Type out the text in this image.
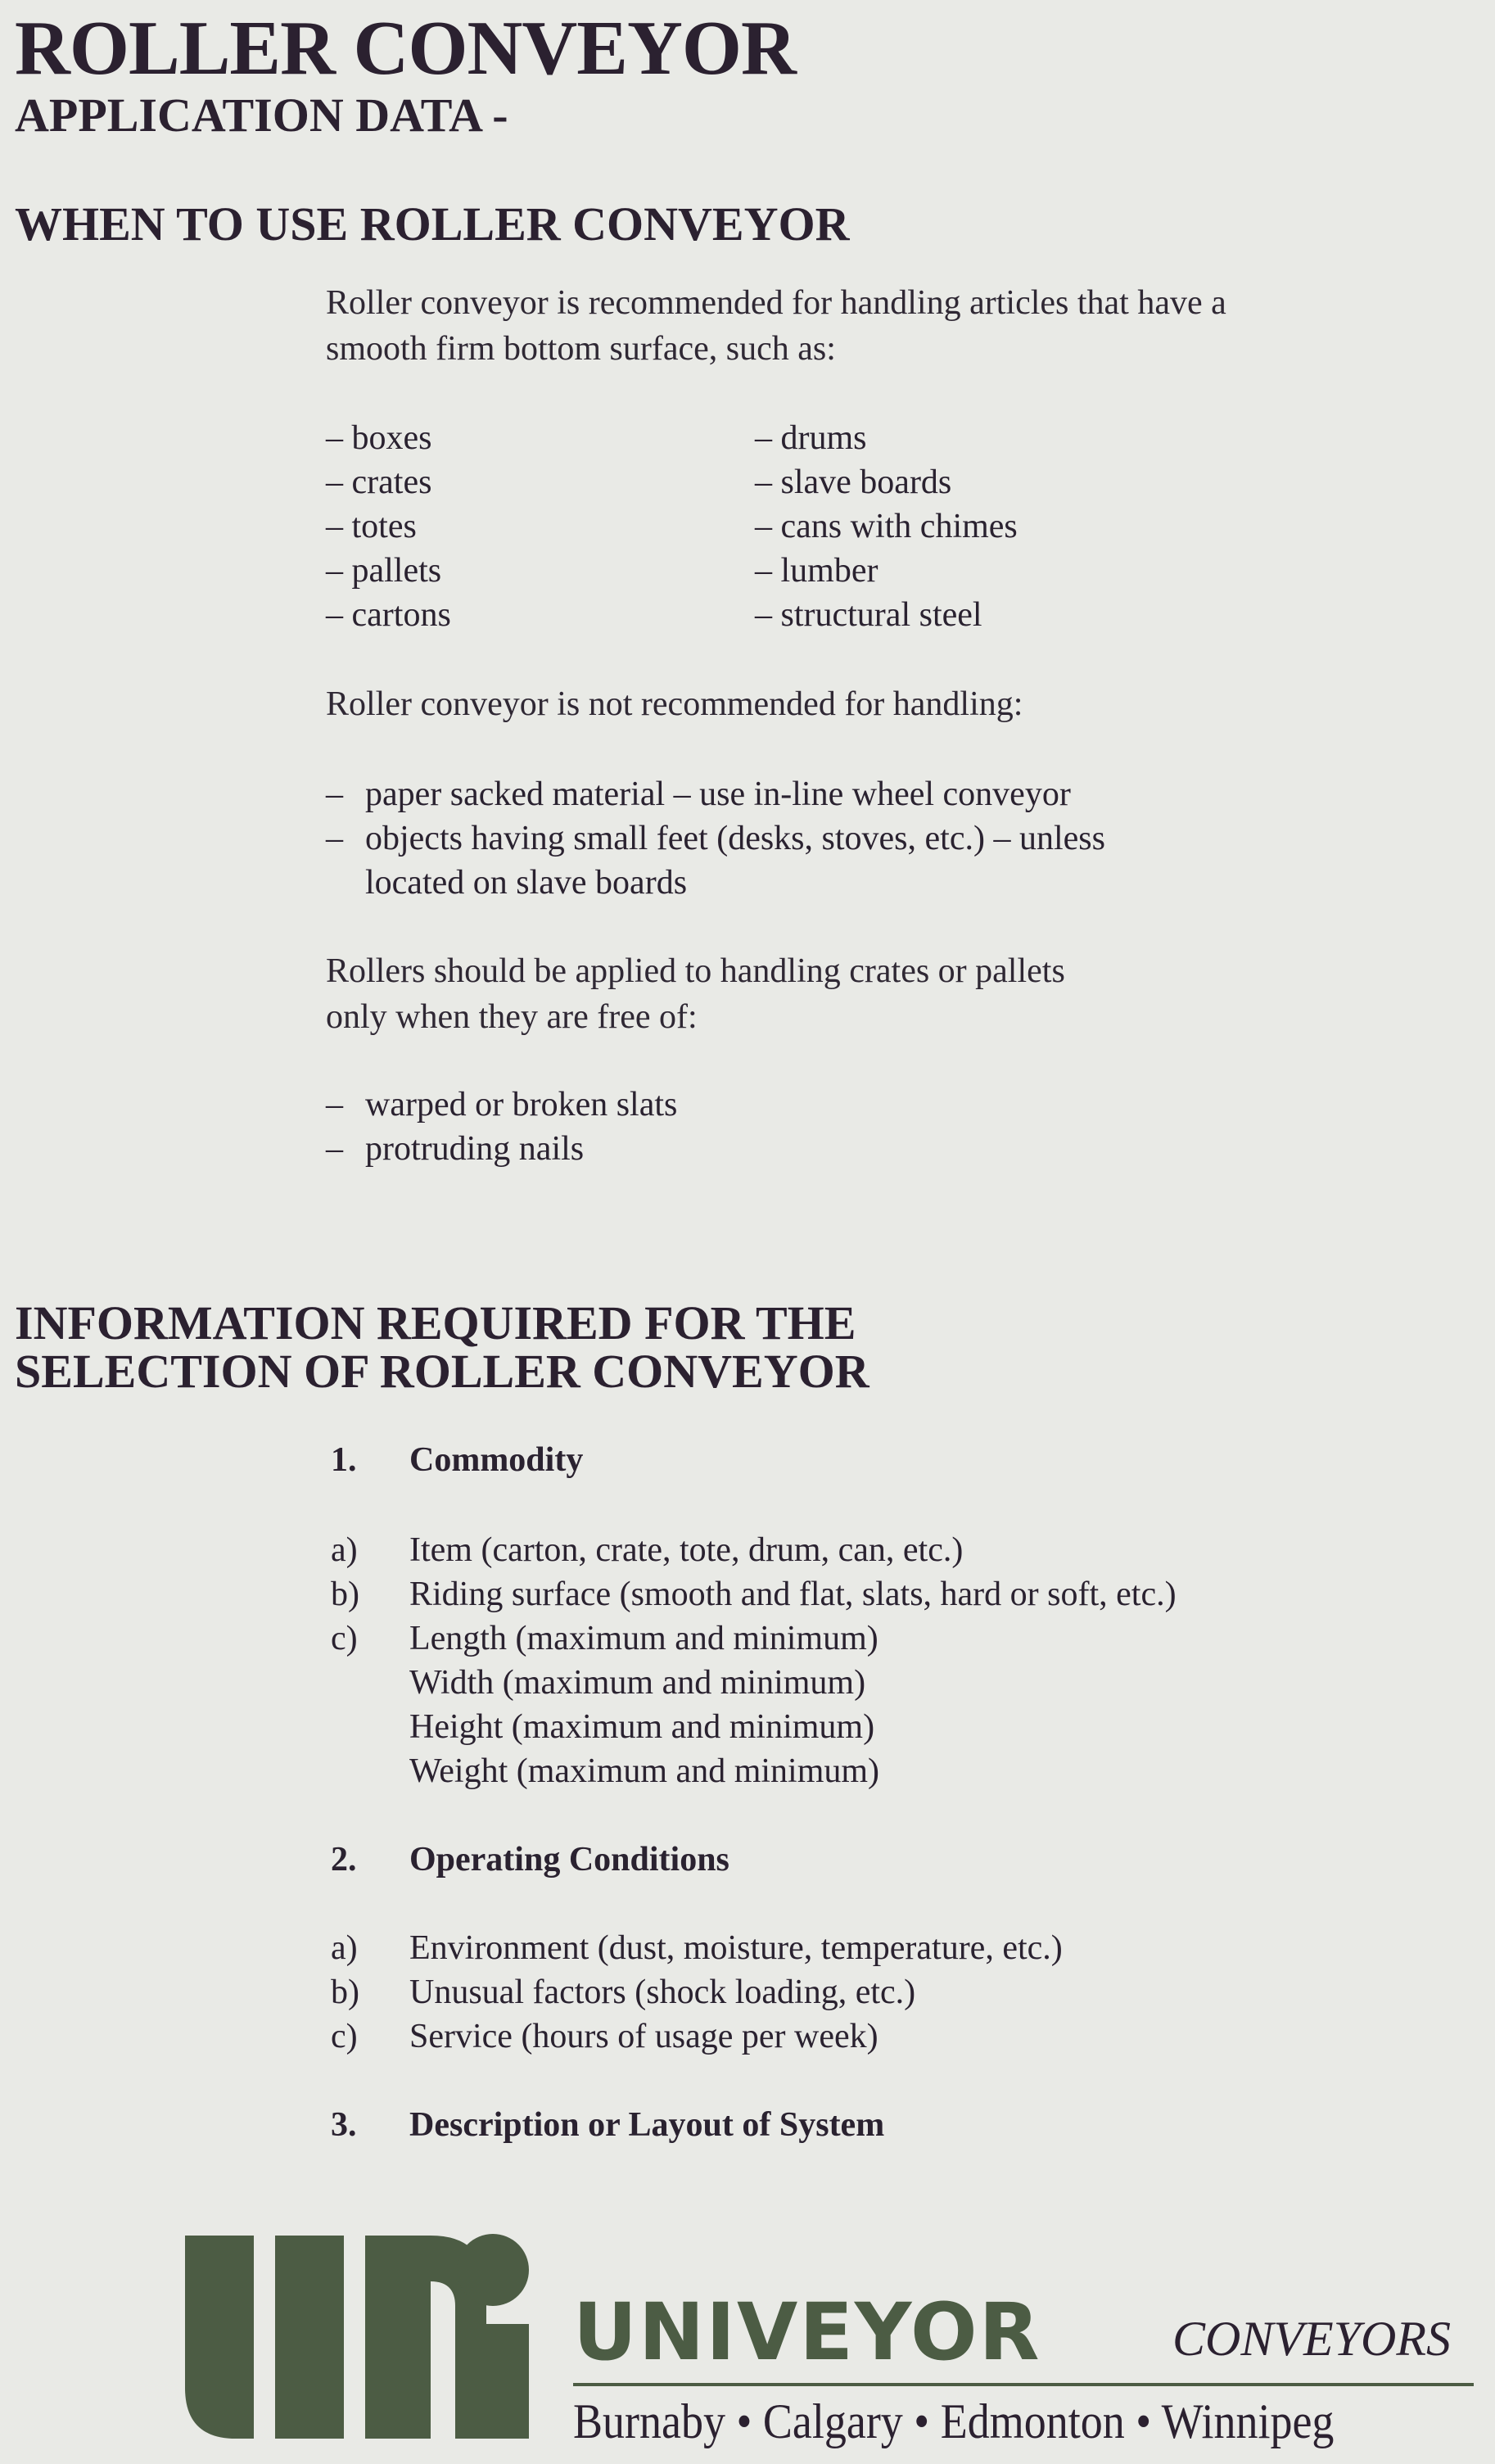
ROLLER CONVEYOR
APPLICATION DATA -
WHEN TO USE ROLLER CONVEYOR
Roller conveyor is recommended for handling articles that have a
smooth firm bottom surface, such as:
– boxes
– crates
– totes
– pallets
– cartons
– drums
– slave boards
– cans with chimes
– lumber
– structural steel
Roller conveyor is not recommended for handling:
– paper sacked material – use in-line wheel conveyor
– objects having small feet (desks, stoves, etc.) – unless
located on slave boards
Rollers should be applied to handling crates or pallets
only when they are free of:
– warped or broken slats
– protruding nails
INFORMATION REQUIRED FOR THE
SELECTION OF ROLLER CONVEYOR
1. Commodity
a) Item (carton, crate, tote, drum, can, etc.)
b) Riding surface (smooth and flat, slats, hard or soft, etc.)
c) Length (maximum and minimum)
Width (maximum and minimum)
Height (maximum and minimum)
Weight (maximum and minimum)
2. Operating Conditions
a) Environment (dust, moisture, temperature, etc.)
b) Unusual factors (shock loading, etc.)
c) Service (hours of usage per week)
3. Description or Layout of System
UNIVEYOR	CONVEYORS
Burnaby • Calgary • Edmonton • Winnipeg
